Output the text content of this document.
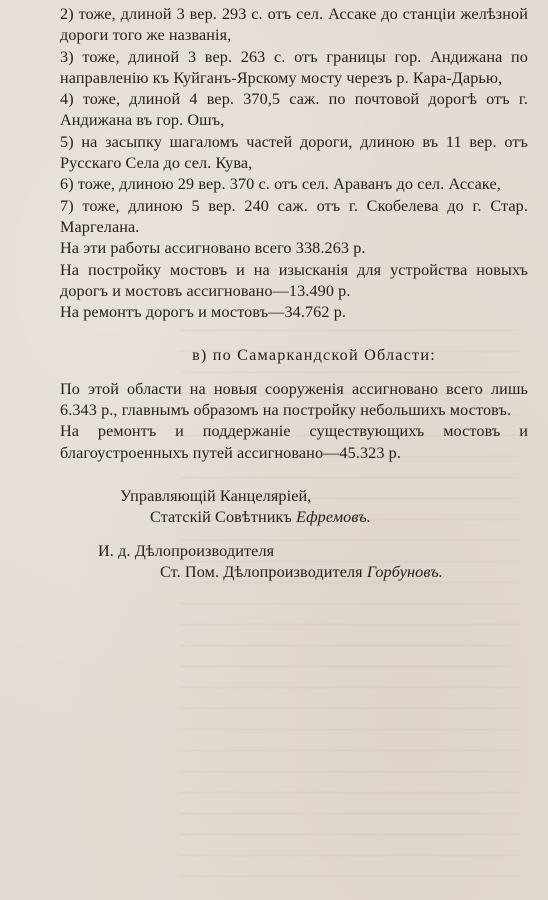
2) тоже, длиной 3 вер. 293 с. отъ сел. Ассаке до станціи желѣзной дороги того же названія,

3) тоже, длиной 3 вер. 263 с. отъ границы гор. Андижана по направленію къ Куйганъ-Ярскому мосту черезъ р. Кара-Дарью,

4) тоже, длиной 4 вер. 370,5 саж. по почтовой дорогѣ отъ г. Андижана въ гор. Ошъ,

5) на засыпку шагаломъ частей дороги, длиною въ 11 вер. отъ Русскаго Села до сел. Кува,

6) тоже, длиною 29 вер. 370 с. отъ сел. Араванъ до сел. Ассаке,

7) тоже, длиною 5 вер. 240 саж. отъ г. Скобелева до г. Стар. Маргелана.

На эти работы ассигновано всего 338.263 р.

На постройку мостовъ и на изысканія для устройства новыхъ дорогъ и мостовъ ассигновано—13.490 р.

На ремонтъ дорогъ и мостовъ—34.762 р.

в) по Самаркандской Области:

По этой области на новыя сооруженія ассигновано всего лишь 6.343 р., главнымъ образомъ на постройку небольшихъ мостовъ.

На ремонтъ и поддержаніе существующихъ мостовъ и благоустроенныхъ путей ассигновано—45.323 р.

Управляющій Канцеляріей,

Статскій Совѣтникъ Ефремовъ.

И. д. Дѣлопроизводителя

Ст. Пом. Дѣлопроизводителя Горбуновъ.
